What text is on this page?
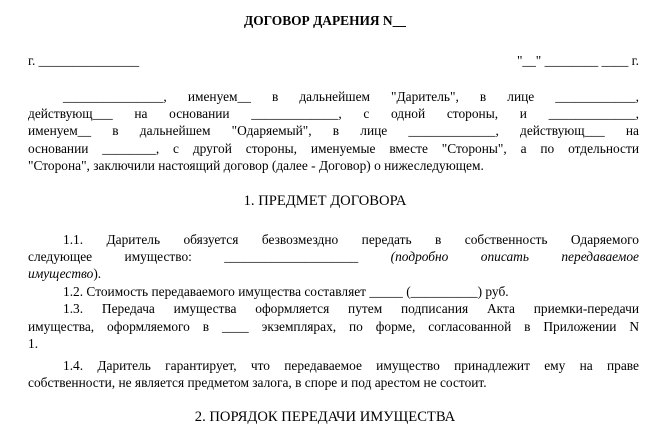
ДОГОВОР ДАРЕНИЯ N__
г. _______________	"__" ________ ____ г.
_______________, именуем__ в дальнейшем "Даритель", в лице ____________,
действующ___ на основании _____________, с одной стороны, и _____________,
именуем__ в дальнейшем "Одаряемый", в лице _____________, действующ___ на
основании ________, с другой стороны, именуемые вместе "Стороны", а по отдельности
"Сторона", заключили настоящий договор (далее - Договор) о нижеследующем.
1. ПРЕДМЕТ ДОГОВОРА
1.1. Даритель обязуется безвозмездно передать в собственность Одаряемого
следующее имущество: ____________________ (подробно описать передаваемое
имущество).
1.2. Стоимость передаваемого имущества составляет _____ (__________) руб.
1.3. Передача имущества оформляется путем подписания Акта приемки-передачи
имущества, оформляемого в ____ экземплярах, по форме, согласованной в Приложении N
1.
1.4. Даритель гарантирует, что передаваемое имущество принадлежит ему на праве
собственности, не является предметом залога, в споре и под арестом не состоит.
2. ПОРЯДОК ПЕРЕДАЧИ ИМУЩЕСТВА
